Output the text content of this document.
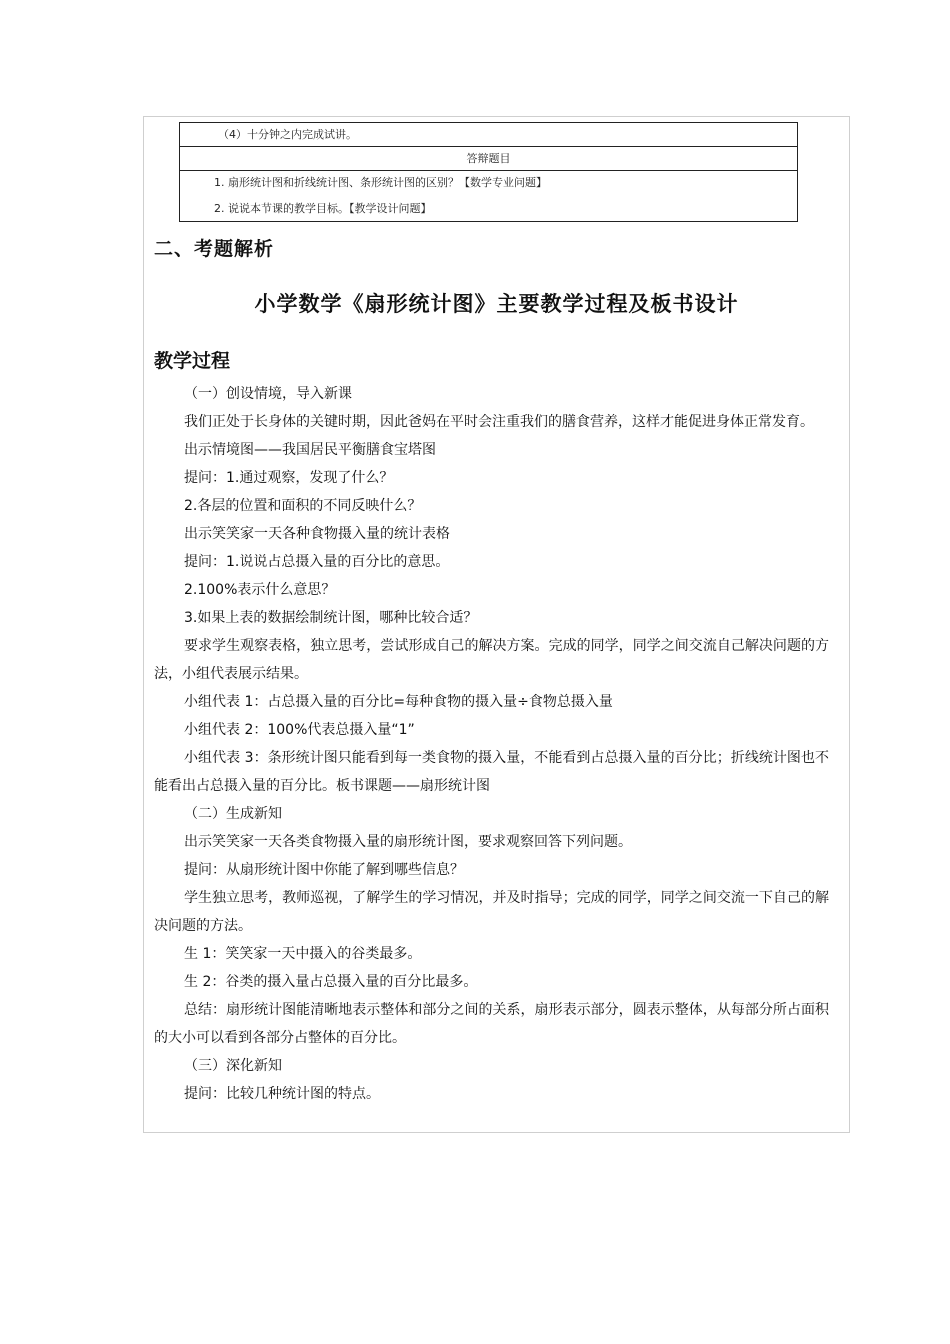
（4）十分钟之内完成试讲。
答辩题目
1. 扇形统计图和折线统计图、条形统计图的区别？【数学专业问题】
2. 说说本节课的教学目标。【教学设计问题】
二、考题解析
小学数学《扇形统计图》主要教学过程及板书设计
教学过程

（一）创设情境，导入新课

我们正处于长身体的关键时期，因此爸妈在平时会注重我们的膳食营养，这样才能促进身体正常发育。

出示情境图——我国居民平衡膳食宝塔图

提问：1.通过观察，发现了什么？

2.各层的位置和面积的不同反映什么？

出示笑笑家一天各种食物摄入量的统计表格

提问：1.说说占总摄入量的百分比的意思。

2.100%表示什么意思？

3.如果上表的数据绘制统计图，哪种比较合适？

要求学生观察表格，独立思考，尝试形成自己的解决方案。完成的同学，同学之间交流自己解决问题的方法，小组代表展示结果。

小组代表 1：占总摄入量的百分比=每种食物的摄入量÷食物总摄入量

小组代表 2：100%代表总摄入量“1”

小组代表 3：条形统计图只能看到每一类食物的摄入量，不能看到占总摄入量的百分比；折线统计图也不能看出占总摄入量的百分比。板书课题——扇形统计图

（二）生成新知

出示笑笑家一天各类食物摄入量的扇形统计图，要求观察回答下列问题。

提问：从扇形统计图中你能了解到哪些信息？

学生独立思考，教师巡视，了解学生的学习情况，并及时指导；完成的同学，同学之间交流一下自己的解决问题的方法。

生 1：笑笑家一天中摄入的谷类最多。

生 2：谷类的摄入量占总摄入量的百分比最多。

总结：扇形统计图能清晰地表示整体和部分之间的关系，扇形表示部分，圆表示整体，从每部分所占面积的大小可以看到各部分占整体的百分比。

（三）深化新知

提问：比较几种统计图的特点。
